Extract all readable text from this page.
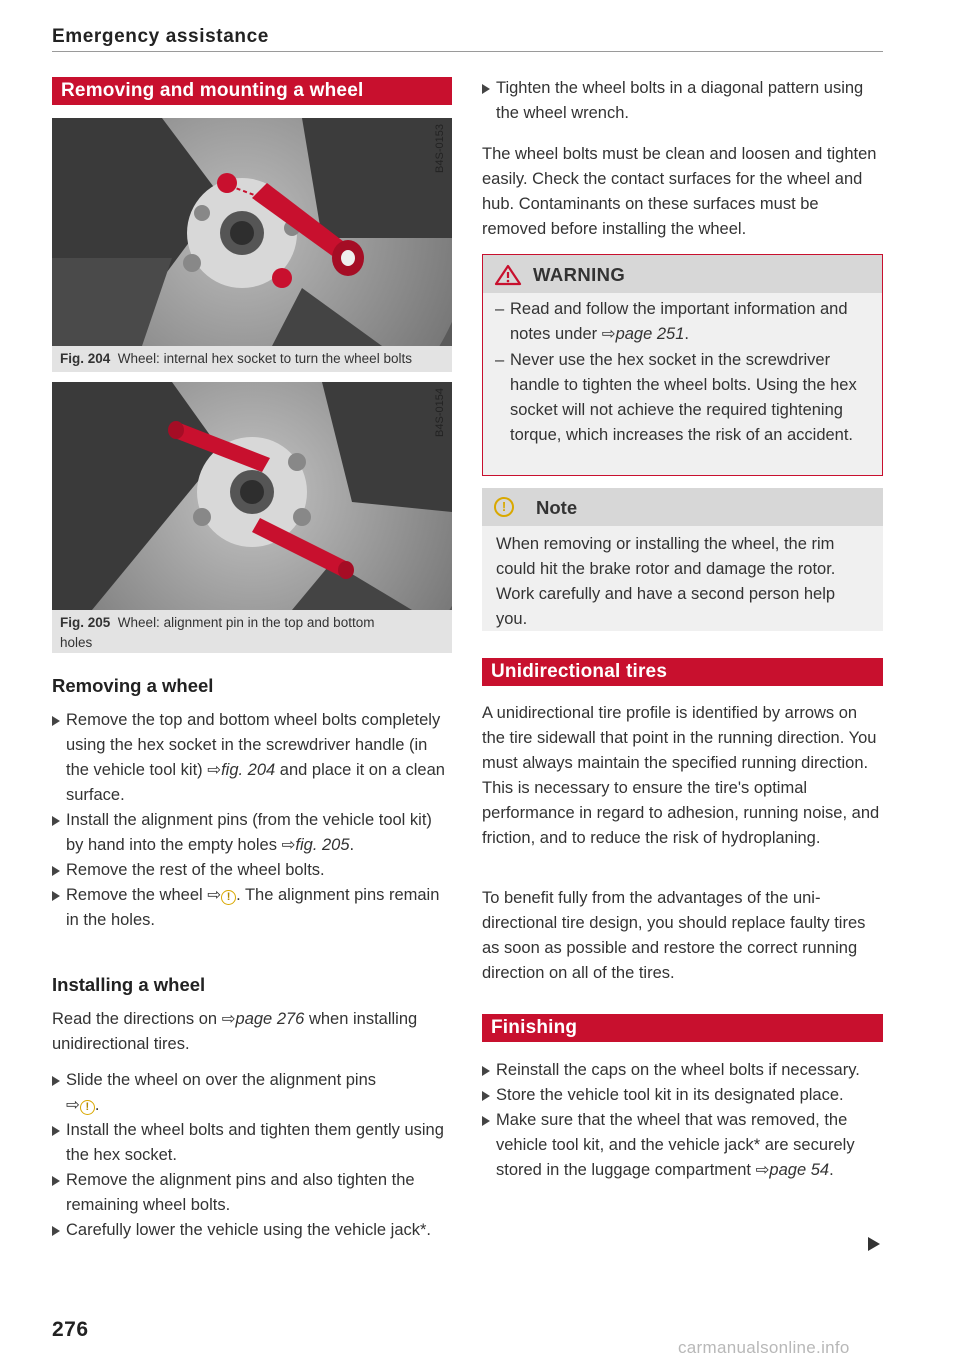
Emergency assistance
Removing and mounting a wheel
B4S-0153
Fig. 204 Wheel: internal hex socket to turn the wheel bolts
B4S-0154
Fig. 205 Wheel: alignment pin in the top and bottom
holes
Removing a wheel
Remove the top and bottom wheel bolts completely using the hex socket in the screwdriver handle (in the vehicle tool kit) ⇨fig. 204 and place it on a clean surface.
Install the alignment pins (from the vehicle tool kit) by hand into the empty holes ⇨fig. 205.
Remove the rest of the wheel bolts.
Remove the wheel ⇨ ! . The alignment pins remain in the holes.
Installing a wheel
Read the directions on ⇨page 276 when installing unidirectional tires.
Slide the wheel on over the alignment pins
⇨ ! .
Install the wheel bolts and tighten them gently using the hex socket.
Remove the alignment pins and also tighten the remaining wheel bolts.
Carefully lower the vehicle using the vehicle jack*.
Tighten the wheel bolts in a diagonal pattern using the wheel wrench.
The wheel bolts must be clean and loosen and tighten easily. Check the contact surfaces for the wheel and hub. Contaminants on these surfaces must be removed before installing the wheel.
WARNING
– Read and follow the important information and notes under ⇨page 251.
– Never use the hex socket in the screwdriver handle to tighten the wheel bolts. Using the hex socket will not achieve the required tightening torque, which increases the risk of an accident.
!	Note
When removing or installing the wheel, the rim could hit the brake rotor and damage the rotor. Work carefully and have a second person help you.
Unidirectional tires
A unidirectional tire profile is identified by arrows on the tire sidewall that point in the running direction. You must always maintain the specified running direction. This is necessary to ensure the tire's optimal performance in regard to adhesion, running noise, and friction, and to reduce the risk of hydroplaning.
To benefit fully from the advantages of the unidirectional tire design, you should replace faulty tires as soon as possible and restore the correct running direction on all of the tires.
Finishing
Reinstall the caps on the wheel bolts if necessary.
Store the vehicle tool kit in its designated place.
Make sure that the wheel that was removed, the vehicle tool kit, and the vehicle jack* are securely stored in the luggage compartment ⇨page 54.
276
carmanualsonline.info
